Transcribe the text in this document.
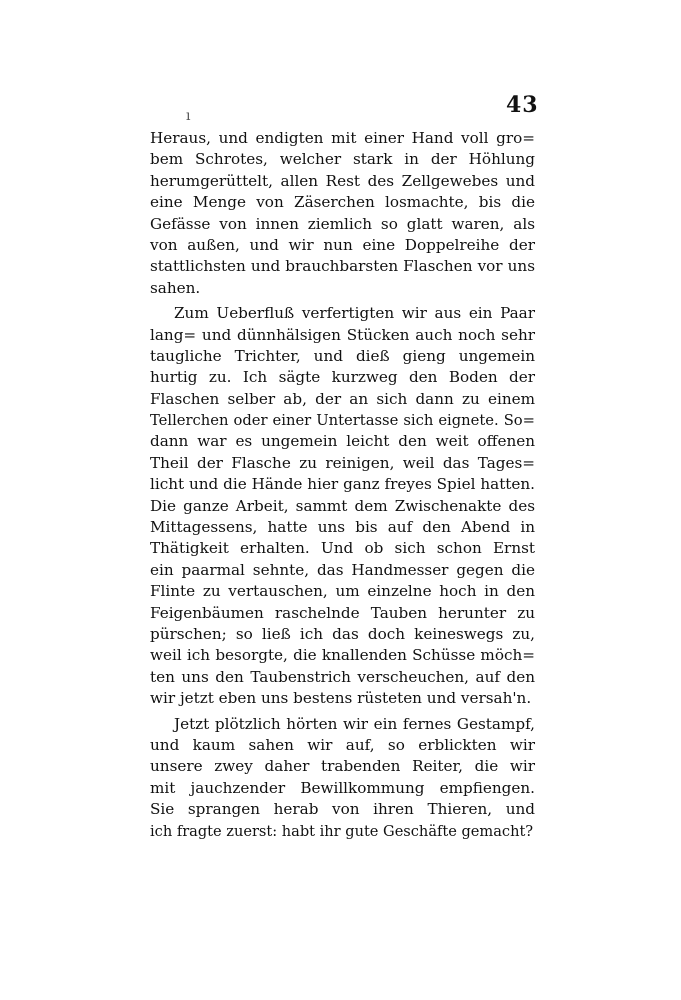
ı	43
Heraus, und endigten mit einer Hand voll gro=
bem Schrotes, welcher stark in der Höhlung
herumgerüttelt, allen Rest des Zellgewebes und
eine Menge von Zäserchen losmachte, bis die
Gefässe von innen ziemlich so glatt waren, als
von außen, und wir nun eine Doppelreihe der
stattlichsten und brauchbarsten Flaschen vor uns
sahen.
Zum Ueberfluß verfertigten wir aus ein Paar
lang= und dünnhälsigen Stücken auch noch sehr
taugliche Trichter, und dieß gieng ungemein
hurtig zu. Ich sägte kurzweg den Boden der
Flaschen selber ab, der an sich dann zu einem
Tellerchen oder einer Untertasse sich eignete. So=
dann war es ungemein leicht den weit offenen
Theil der Flasche zu reinigen, weil das Tages=
licht und die Hände hier ganz freyes Spiel hatten.
Die ganze Arbeit, sammt dem Zwischenakte des
Mittagessens, hatte uns bis auf den Abend in
Thätigkeit erhalten. Und ob sich schon Ernst
ein paarmal sehnte, das Handmesser gegen die
Flinte zu vertauschen, um einzelne hoch in den
Feigenbäumen raschelnde Tauben herunter zu
pürschen; so ließ ich das doch keineswegs zu,
weil ich besorgte, die knallenden Schüsse möch=
ten uns den Taubenstrich verscheuchen, auf den
wir jetzt eben uns bestens rüsteten und versah'n.
Jetzt plötzlich hörten wir ein fernes Gestampf,
und kaum sahen wir auf, so erblickten wir
unsere zwey daher trabenden Reiter, die wir
mit jauchzender Bewillkommung empfiengen.
Sie sprangen herab von ihren Thieren, und
ich fragte zuerst: habt ihr gute Geschäfte gemacht?
